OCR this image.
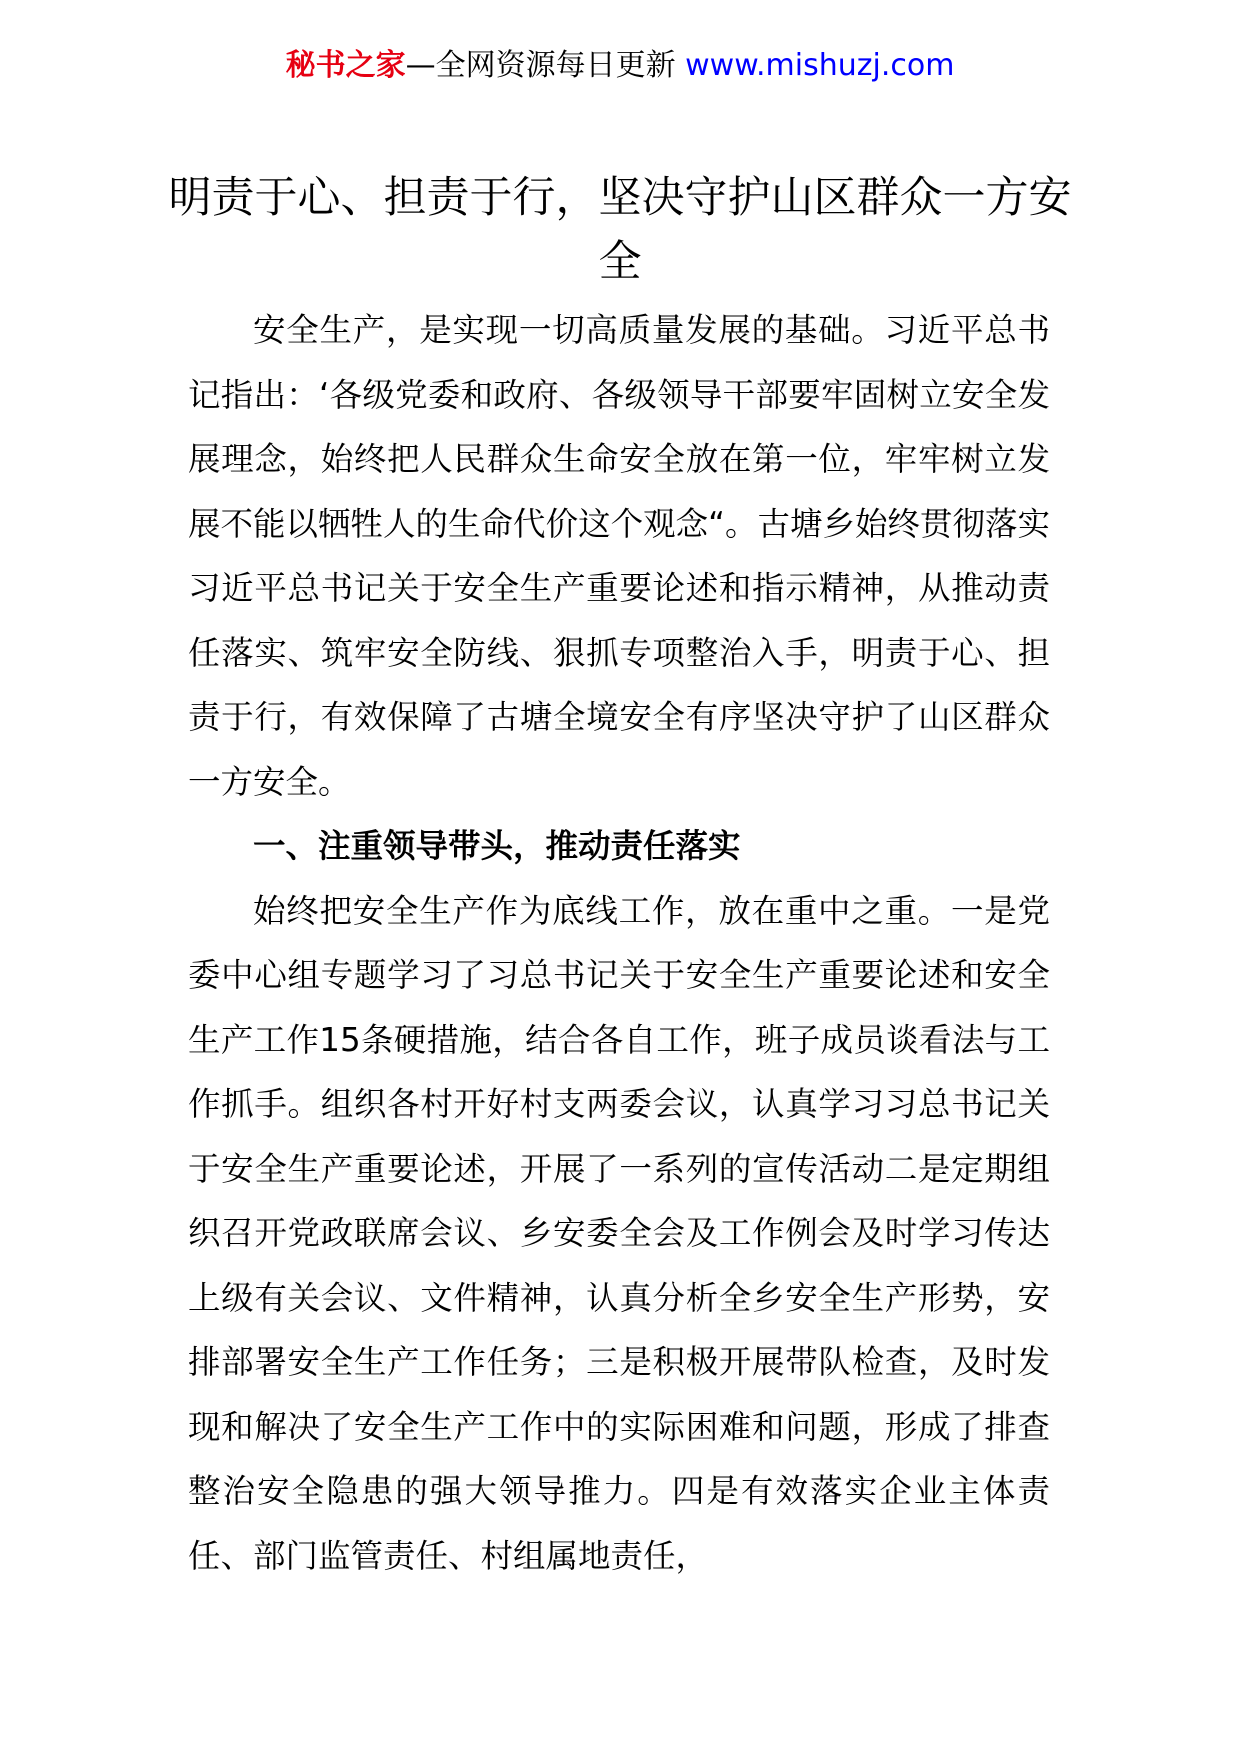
秘书之家—全网资源每日更新 www.mishuzj.com
明责于心、担责于行，坚决守护山区群众一方安全

安全生产，是实现一切高质量发展的基础。习近平总书记指出：‘各级党委和政府、各级领导干部要牢固树立安全发展理念，始终把人民群众生命安全放在第一位，牢牢树立发展不能以牺牲人的生命代价这个观念“。古塘乡始终贯彻落实习近平总书记关于安全生产重要论述和指示精神，从推动责任落实、筑牢安全防线、狠抓专项整治入手，明责于心、担责于行，有效保障了古塘全境安全有序坚决守护了山区群众一方安全。

一、注重领导带头，推动责任落实

始终把安全生产作为底线工作，放在重中之重。一是党委中心组专题学习了习总书记关于安全生产重要论述和安全生产工作15条硬措施，结合各自工作，班子成员谈看法与工作抓手。组织各村开好村支两委会议，认真学习习总书记关于安全生产重要论述，开展了一系列的宣传活动二是定期组织召开党政联席会议、乡安委全会及工作例会及时学习传达上级有关会议、文件精神，认真分析全乡安全生产形势，安排部署安全生产工作任务；三是积极开展带队检查，及时发现和解决了安全生产工作中的实际困难和问题，形成了排查整治安全隐患的强大领导推力。四是有效落实企业主体责任、部门监管责任、村组属地责任，
